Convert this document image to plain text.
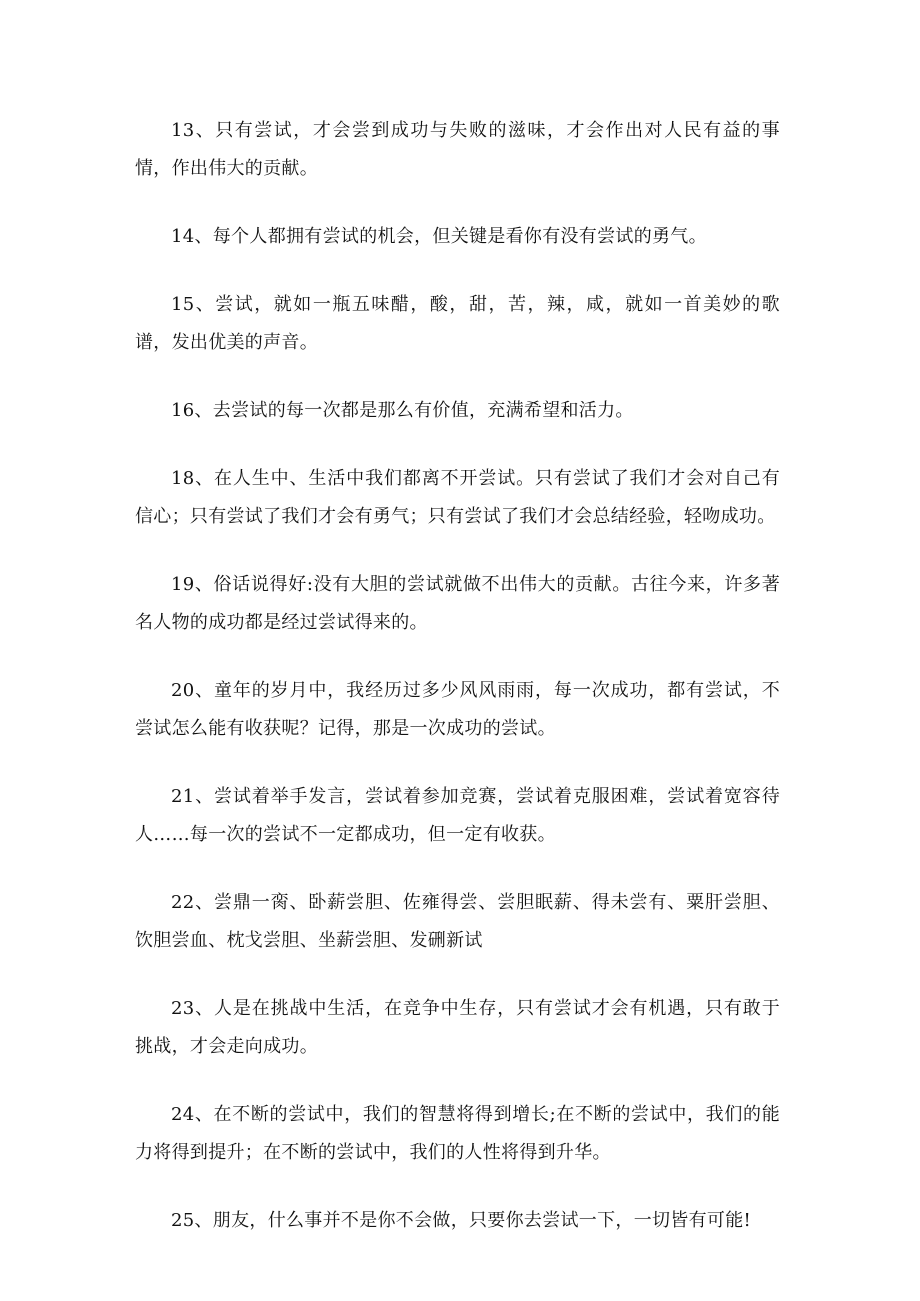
13、只有尝试，才会尝到成功与失败的滋味，才会作出对人民有益的事情，作出伟大的贡献。

14、每个人都拥有尝试的机会，但关键是看你有没有尝试的勇气。

15、尝试，就如一瓶五味醋，酸，甜，苦，辣，咸，就如一首美妙的歌谱，发出优美的声音。

16、去尝试的每一次都是那么有价值，充满希望和活力。

18、在人生中、生活中我们都离不开尝试。只有尝试了我们才会对自己有信心；只有尝试了我们才会有勇气；只有尝试了我们才会总结经验，轻吻成功。

19、俗话说得好:没有大胆的尝试就做不出伟大的贡献。古往今来，许多著名人物的成功都是经过尝试得来的。

20、童年的岁月中，我经历过多少风风雨雨，每一次成功，都有尝试，不尝试怎么能有收获呢？记得，那是一次成功的尝试。

21、尝试着举手发言，尝试着参加竞赛，尝试着克服困难，尝试着宽容待人……每一次的尝试不一定都成功，但一定有收获。

22、尝鼎一脔、卧薪尝胆、佐雍得尝、尝胆眠薪、得未尝有、粟肝尝胆、饮胆尝血、枕戈尝胆、坐薪尝胆、发硎新试

23、人是在挑战中生活，在竞争中生存，只有尝试才会有机遇，只有敢于挑战，才会走向成功。

24、在不断的尝试中，我们的智慧将得到增长;在不断的尝试中，我们的能力将得到提升；在不断的尝试中，我们的人性将得到升华。

25、朋友，什么事并不是你不会做，只要你去尝试一下，一切皆有可能!
